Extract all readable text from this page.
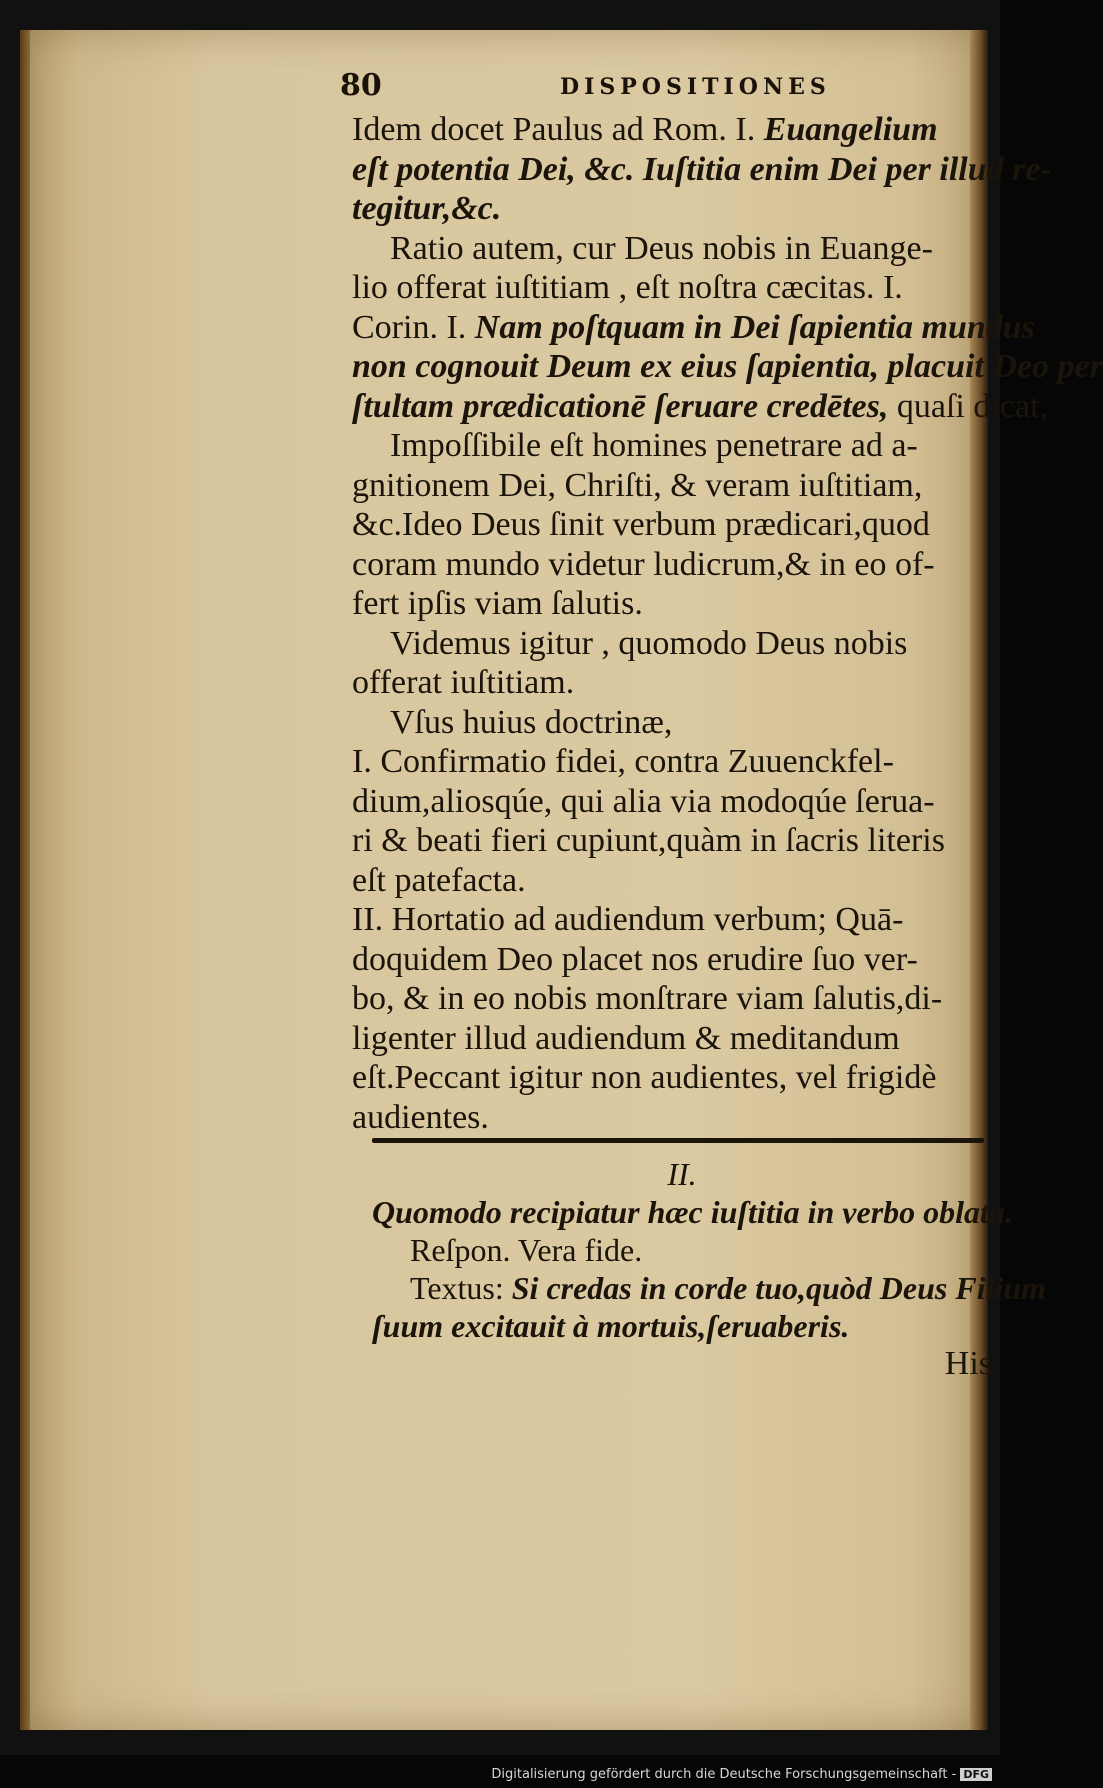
80	DISPOSITIONES
Idem docet Paulus ad Rom. I. Euangelium
eſt potentia Dei, &c. Iuſtitia enim Dei per illud re-
tegitur,&c.
Ratio autem, cur Deus nobis in Euange-
lio offerat iuſtitiam , eſt noſtra cæcitas. I.
Corin. I. Nam poſtquam in Dei ſapientia mundus
non cognouit Deum ex eius ſapientia, placuit Deo per
ſtultam prædicationē ſeruare credētes, quaſi dicat,
Impoſſibile eſt homines penetrare ad a-
gnitionem Dei, Chriſti, & veram iuſtitiam,
&c.Ideo Deus ſinit verbum prædicari,quod
coram mundo videtur ludicrum,& in eo of-
fert ipſis viam ſalutis.
Videmus igitur , quomodo Deus nobis
offerat iuſtitiam.
Vſus huius doctrinæ,
I. Confirmatio fidei, contra Zuuenckfel-
dium,aliosqúe, qui alia via modoqúe ſerua-
ri & beati fieri cupiunt,quàm in ſacris literis
eſt patefacta.
II. Hortatio ad audiendum verbum; Quā-
doquidem Deo placet nos erudire ſuo ver-
bo, & in eo nobis monſtrare viam ſalutis,di-
ligenter illud audiendum & meditandum
eſt.Peccant igitur non audientes, vel frigidè
audientes.
II.
Quomodo recipiatur hæc iuſtitia in verbo oblata.
Reſpon. Vera fide.
Textus: Si credas in corde tuo,quòd Deus Filium
ſuum excitauit à mortuis,ſeruaberis.
His
Digitalisierung gefördert durch die Deutsche Forschungsgemeinschaft - DFG
